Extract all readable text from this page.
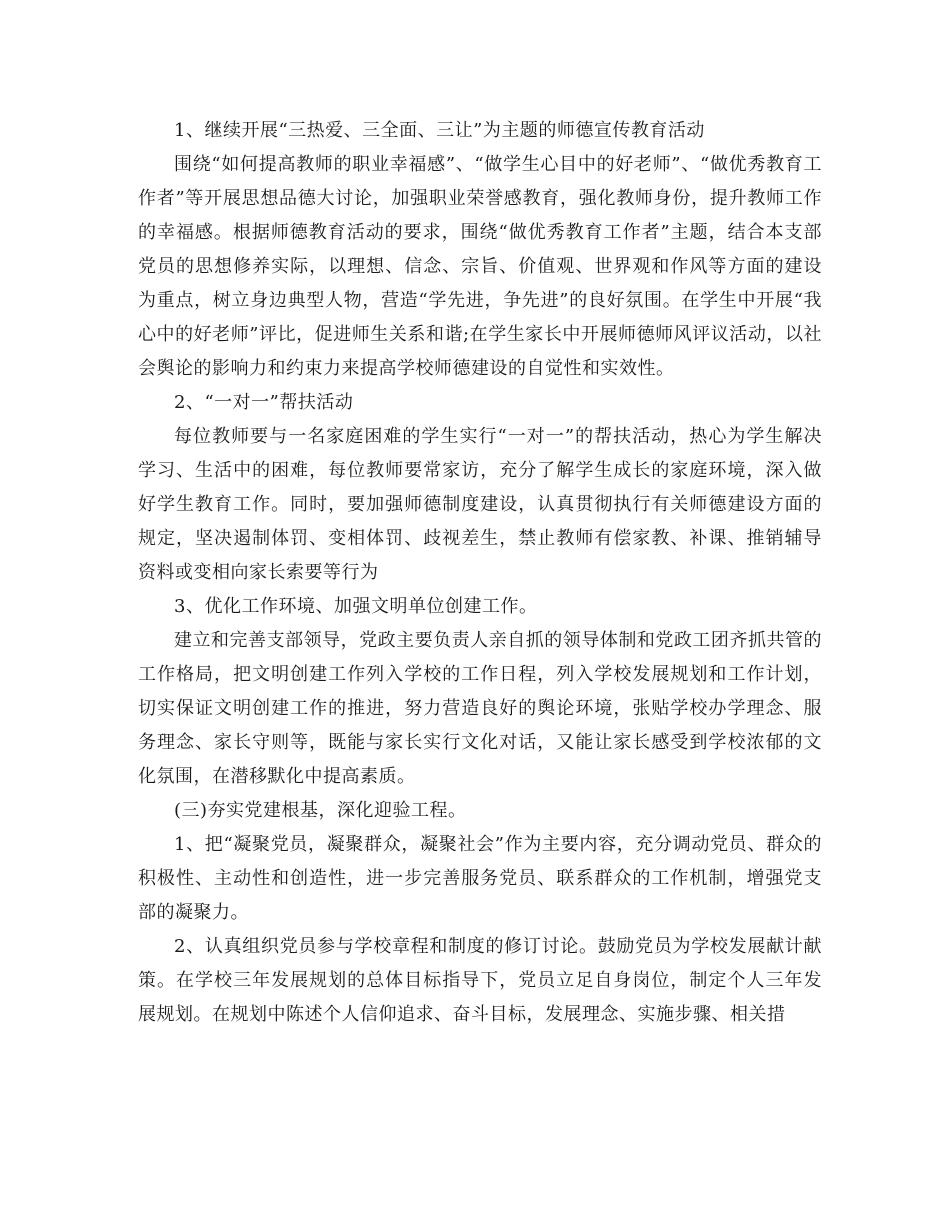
1、继续开展“三热爱、三全面、三让”为主题的师德宣传教育活动

围绕“如何提高教师的职业幸福感”、“做学生心目中的好老师”、“做优秀教育工作者”等开展思想品德大讨论，加强职业荣誉感教育，强化教师身份，提升教师工作的幸福感。根据师德教育活动的要求，围绕“做优秀教育工作者”主题，结合本支部党员的思想修养实际，以理想、信念、宗旨、价值观、世界观和作风等方面的建设为重点，树立身边典型人物，营造“学先进，争先进”的良好氛围。在学生中开展“我心中的好老师”评比，促进师生关系和谐;在学生家长中开展师德师风评议活动，以社会舆论的影响力和约束力来提高学校师德建设的自觉性和实效性。

2、“一对一”帮扶活动

每位教师要与一名家庭困难的学生实行“一对一”的帮扶活动，热心为学生解决学习、生活中的困难，每位教师要常家访，充分了解学生成长的家庭环境，深入做好学生教育工作。同时，要加强师德制度建设，认真贯彻执行有关师德建设方面的规定，坚决遏制体罚、变相体罚、歧视差生，禁止教师有偿家教、补课、推销辅导资料或变相向家长索要等行为

3、优化工作环境、加强文明单位创建工作。

建立和完善支部领导，党政主要负责人亲自抓的领导体制和党政工团齐抓共管的工作格局，把文明创建工作列入学校的工作日程，列入学校发展规划和工作计划，切实保证文明创建工作的推进，努力营造良好的舆论环境，张贴学校办学理念、服务理念、家长守则等，既能与家长实行文化对话，又能让家长感受到学校浓郁的文化氛围，在潜移默化中提高素质。

(三)夯实党建根基，深化迎验工程。

1、把“凝聚党员，凝聚群众，凝聚社会”作为主要内容，充分调动党员、群众的积极性、主动性和创造性，进一步完善服务党员、联系群众的工作机制，增强党支部的凝聚力。

2、认真组织党员参与学校章程和制度的修订讨论。鼓励党员为学校发展献计献策。在学校三年发展规划的总体目标指导下，党员立足自身岗位，制定个人三年发展规划。在规划中陈述个人信仰追求、奋斗目标，发展理念、实施步骤、相关措
